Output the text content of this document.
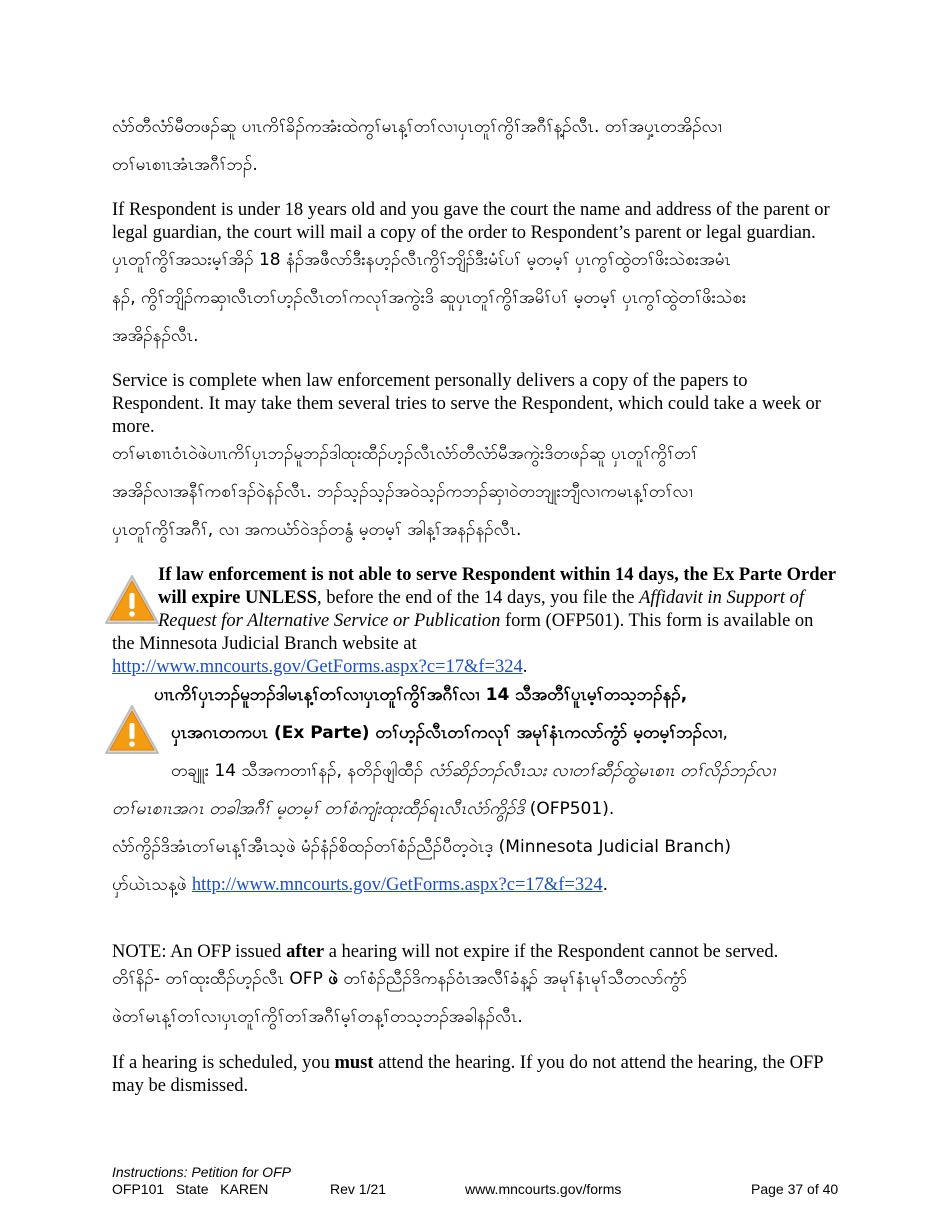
လံာ်တီလံာ်မီတဖၣ်ဆူ ပၢၤကိၢ်ခိၣ်ကအံးထဲကွၢ်မၤန့ၢ်တၢ်လၢပှၤတူၢ်ကွိၢ်အဂီၢ်န့ၣ်လီၤ. တၢ်အပှ့ၤတအိၣ်လၢ

တၢ်မၤစၢၤအံၤအဂီၢ်ဘၣ်.

If Respondent is under 18 years old and you gave the court the name and address of the parent or legal guardian, the court will mail a copy of the order to Respondent’s parent or legal guardian.

ပှၤတူၢ်ကွိၢ်အသးမ့ၢ်အိၣ် 18 နံၣ်အဖီလာ်ဒီးနဟ့ၣ်လီၤကွိၢ်ဘျိၣ်ဒီးမံၤ်ပၢ် မ့တမ့ၢ် ပှၤကွၢ်ထွဲတၢ်ဖိးသဲစးအမံၤ

နၣ်, ကွိၢ်ဘျိၣ်ကဆှၢလီၤတၢ်ဟ့ၣ်လီၤတၢ်ကလုၢ်အကွဲးဒိ ဆူပှၤတူၢ်ကွိၢ်အမိၢ်ပၢ် မ့တမ့ၢ် ပှၤကွၢ်ထွဲတၢ်ဖိးသဲစး

အအိၣ်နၣ်လီၤ.

Service is complete when law enforcement personally delivers a copy of the papers to Respondent. It may take them several tries to serve the Respondent, which could take a week or more.

တၢ်မၤစၢၤဝံၤဝဲဖဲပၢၤကိၢ်ပှၤဘၣ်မူဘၣ်ဒါထုးထီၣ်ဟ့ၣ်လီၤလံာ်တီလံာ်မီအကွဲးဒိတဖၣ်ဆူ ပှၤတူၢ်ကွိၢ်တၢ်

အအိၣ်လၢအနီၢ်ကစၢ်ဒၣ်ဝဲနၣ်လီၤ. ဘၣ်သ့ၣ်သ့ၣ်အဝဲသ့ၣ်ကဘၣ်ဆှၢဝဲတဘျုးဘျီလၢကမၤန့ၢ်တၢ်လၢ

ပှၤတူၢ်ကွိၢ်အဂီၢ်, လၢ အကယံာ်ဝဲဒၣ်တနွံ မ့တမ့ၢ် အါန့ၢ်အနၣ်နၣ်လီၤ.

If law enforcement is not able to serve Respondent within 14 days, the Ex Parte Order will expire UNLESS, before the end of the 14 days, you file the Affidavit in Support of Request for Alternative Service or Publication form (OFP501). This form is available on the Minnesota Judicial Branch website at
http://www.mncourts.gov/GetForms.aspx?c=17&f=324.
ပၢၤကိၢ်ပှၤဘၣ်မူဘၣ်ဒါမၤန့ၢ်တၢ်လၢပှၤတူၢ်ကွိၢ်အဂီၢ်လၢ 14 သီအတီၢ်ပူၤမ့ၢ်တသ့ဘၣ်နၣ်,
ပှၤအဂၤတကပၤ (Ex Parte) တၢ်ဟ့ၣ်လီၤတၢ်ကလုၢ် အမုၢ်နံၤကလာ်ကွံာ် မ့တမ့ၢ်ဘၣ်လၢ,
တချူး 14 သီအကတၢၢ်နၣ်, နတိၣ်ဖျါထီၣ် လံာ်ဆိၣ်ဘၣ်လီၤသး လၢတၢ်ဆီၣ်ထွဲမၤစၢၤ တၢ်လိၣ်ဘၣ်လၢ
တၢ်မၤစၢၤအဂၤ တခါအဂီၢ် မ့တမ့ၢ် တၢ်စံကျံးထုးထီၣ်ရၤလီၤလံာ်ကွိၣ်ဒိ (OFP501).
လံာ်ကွိၣ်ဒိအံၤတၢ်မၤန့ၢ်အီၤသ့ဖဲ မံၣ်နံၣ်စိထၣ်တၢ်စံၣ်ညီၣ်ပီတ့ဝဲၤဒ့ (Minnesota Judicial Branch)
ပှာ်ယဲၤသန့ဖဲ http://www.mncourts.gov/GetForms.aspx?c=17&f=324.

NOTE: An OFP issued after a hearing will not expire if the Respondent cannot be served.

တိၢ်နိၣ်- တၢ်ထုးထီၣ်ဟ့ၣ်လီၤ OFP ဖဲ တၢ်စံၣ်ညီၣ်ဒိကနၣ်ဝံၤအလီၢ်ခံန့ၣ် အမုၢ်နံၤမုၢ်သီတလာ်ကွံာ်

ဖဲတၢ်မၤန့ၢ်တၢ်လၢပှၤတူၢ်ကွိၢ်တၢ်အဂီၢ်မ့ၢ်တန့ၢ်တသ့ဘၣ်အခါနၣ်လီၤ.

If a hearing is scheduled, you must attend the hearing. If you do not attend the hearing, the OFP may be dismissed.

Instructions: Petition for OFP
OFP101   State   KAREN	Rev 1/21	www.mncourts.gov/forms	Page 37 of 40
